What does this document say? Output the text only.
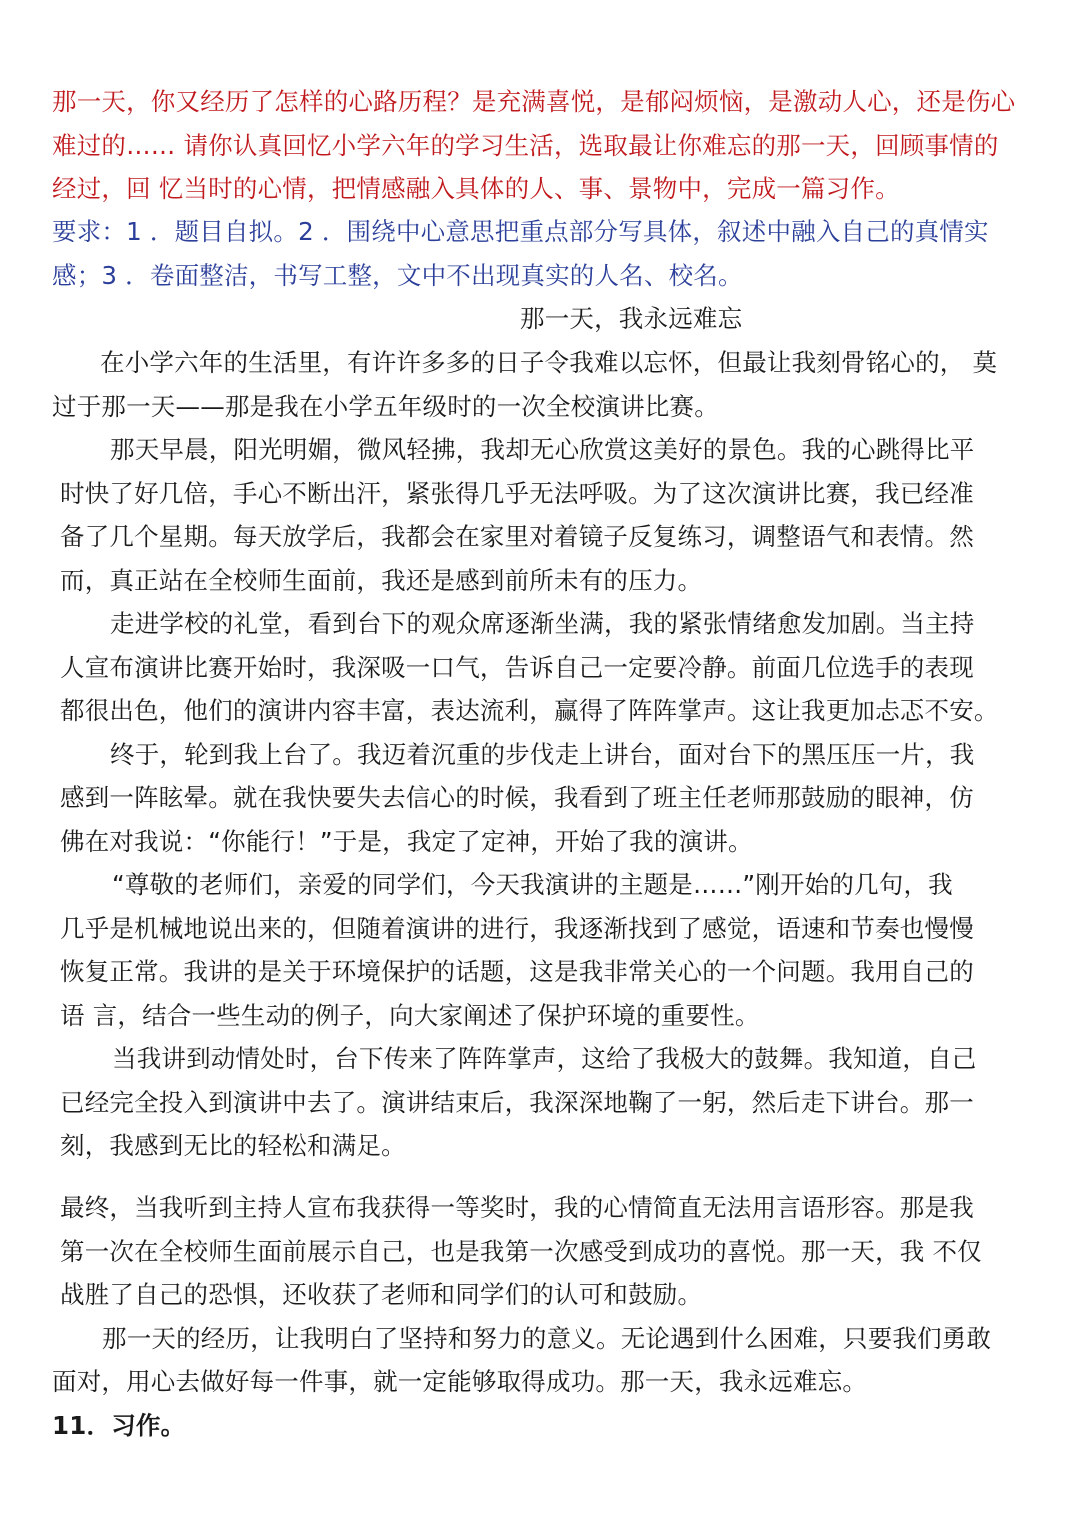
那一天，你又经历了怎样的心路历程？是充满喜悦，是郁闷烦恼，是激动人心，还是伤心
难过的…… 请你认真回忆小学六年的学习生活，选取最让你难忘的那一天，回顾事情的
经过，回 忆当时的心情，把情感融入具体的人、事、景物中，完成一篇习作。
要求：1 ．题目自拟。2 ．围绕中心意思把重点部分写具体，叙述中融入自己的真情实
感；3 ．卷面整洁，书写工整，文中不出现真实的人名、校名。
那一天，我永远难忘
在小学六年的生活里，有许许多多的日子令我难以忘怀，但最让我刻骨铭心的， 莫
过于那一天——那是我在小学五年级时的一次全校演讲比赛。
那天早晨，阳光明媚，微风轻拂，我却无心欣赏这美好的景色。我的心跳得比平
时快了好几倍，手心不断出汗，紧张得几乎无法呼吸。为了这次演讲比赛，我已经准
备了几个星期。每天放学后，我都会在家里对着镜子反复练习，调整语气和表情。然
而，真正站在全校师生面前，我还是感到前所未有的压力。
走进学校的礼堂，看到台下的观众席逐渐坐满，我的紧张情绪愈发加剧。当主持
人宣布演讲比赛开始时，我深吸一口气，告诉自己一定要冷静。前面几位选手的表现
都很出色，他们的演讲内容丰富，表达流利，赢得了阵阵掌声。这让我更加忐忑不安。
终于，轮到我上台了。我迈着沉重的步伐走上讲台，面对台下的黑压压一片，我
感到一阵眩晕。就在我快要失去信心的时候，我看到了班主任老师那鼓励的眼神，仿
佛在对我说：“你能行！”于是，我定了定神，开始了我的演讲。
“尊敬的老师们，亲爱的同学们，今天我演讲的主题是……”刚开始的几句，我
几乎是机械地说出来的，但随着演讲的进行，我逐渐找到了感觉，语速和节奏也慢慢
恢复正常。我讲的是关于环境保护的话题，这是我非常关心的一个问题。我用自己的
语 言，结合一些生动的例子，向大家阐述了保护环境的重要性。
当我讲到动情处时，台下传来了阵阵掌声，这给了我极大的鼓舞。我知道，自己
已经完全投入到演讲中去了。演讲结束后，我深深地鞠了一躬，然后走下讲台。那一
刻，我感到无比的轻松和满足。
最终，当我听到主持人宣布我获得一等奖时，我的心情简直无法用言语形容。那是我
第一次在全校师生面前展示自己，也是我第一次感受到成功的喜悦。那一天，我 不仅
战胜了自己的恐惧，还收获了老师和同学们的认可和鼓励。
那一天的经历，让我明白了坚持和努力的意义。无论遇到什么困难，只要我们勇敢
面对，用心去做好每一件事，就一定能够取得成功。那一天，我永远难忘。
11．习作。
